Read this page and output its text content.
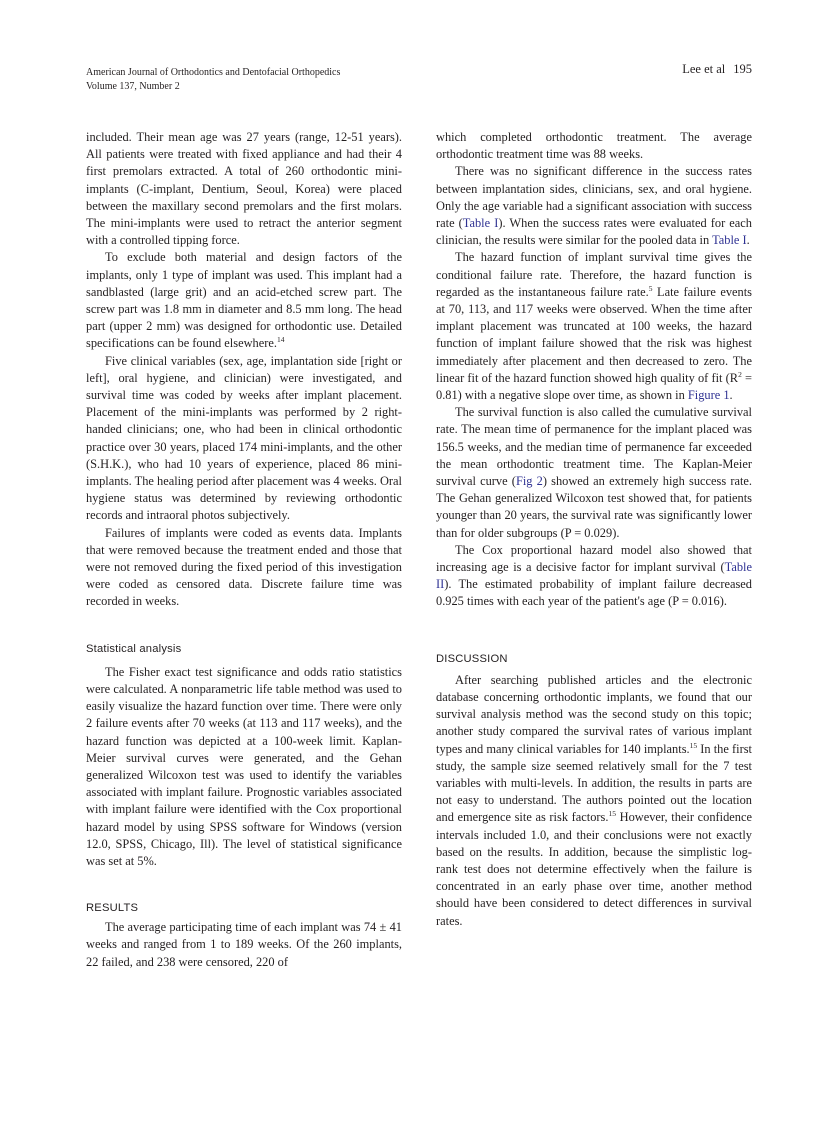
American Journal of Orthodontics and Dentofacial Orthopedics
Volume 137, Number 2
Lee et al 195

included. Their mean age was 27 years (range, 12-51 years). All patients were treated with fixed appliance and had their 4 first premolars extracted. A total of 260 orthodontic mini-implants (C-implant, Dentium, Seoul, Korea) were placed between the maxillary second premolars and the first molars. The mini-implants were used to retract the anterior segment with a controlled tipping force.

To exclude both material and design factors of the implants, only 1 type of implant was used. This implant had a sandblasted (large grit) and an acid-etched screw part. The screw part was 1.8 mm in diameter and 8.5 mm long. The head part (upper 2 mm) was designed for orthodontic use. Detailed specifications can be found elsewhere.$^{14}$

Five clinical variables (sex, age, implantation side [right or left], oral hygiene, and clinician) were investigated, and survival time was coded by weeks after implant placement. Placement of the mini-implants was performed by 2 right-handed clinicians; one, who had been in clinical orthodontic practice over 30 years, placed 174 mini-implants, and the other (S.H.K.), who had 10 years of experience, placed 86 mini-implants. The healing period after placement was 4 weeks. Oral hygiene status was determined by reviewing orthodontic records and intraoral photos subjectively.

Failures of implants were coded as events data. Implants that were removed because the treatment ended and those that were not removed during the fixed period of this investigation were coded as censored data. Discrete failure time was recorded in weeks.

Statistical analysis

The Fisher exact test significance and odds ratio statistics were calculated. A nonparametric life table method was used to easily visualize the hazard function over time. There were only 2 failure events after 70 weeks (at 113 and 117 weeks), and the hazard function was depicted at a 100-week limit. Kaplan-Meier survival curves were generated, and the Gehan generalized Wilcoxon test was used to identify the variables associated with implant failure. Prognostic variables associated with implant failure were identified with the Cox proportional hazard model by using SPSS software for Windows (version 12.0, SPSS, Chicago, Ill). The level of statistical significance was set at 5%.

RESULTS

The average participating time of each implant was 74 ± 41 weeks and ranged from 1 to 189 weeks. Of the 260 implants, 22 failed, and 238 were censored, 220 of

which completed orthodontic treatment. The average orthodontic treatment time was 88 weeks.

There was no significant difference in the success rates between implantation sides, clinicians, sex, and oral hygiene. Only the age variable had a significant association with success rate (Table I). When the success rates were evaluated for each clinician, the results were similar for the pooled data in Table I.

The hazard function of implant survival time gives the conditional failure rate. Therefore, the hazard function is regarded as the instantaneous failure rate.$^5$ Late failure events at 70, 113, and 117 weeks were observed. When the time after implant placement was truncated at 100 weeks, the hazard function of implant failure showed that the risk was highest immediately after placement and then decreased to zero. The linear fit of the hazard function showed high quality of fit $(R^2 = 0.81)$ with a negative slope over time, as shown in Figure 1.

The survival function is also called the cumulative survival rate. The mean time of permanence for the implant placed was 156.5 weeks, and the median time of permanence far exceeded the mean orthodontic treatment time. The Kaplan-Meier survival curve (Fig 2) showed an extremely high success rate. The Gehan generalized Wilcoxon test showed that, for patients younger than 20 years, the survival rate was significantly lower than for older subgroups (P = 0.029).

The Cox proportional hazard model also showed that increasing age is a decisive factor for implant survival (Table II). The estimated probability of implant failure decreased 0.925 times with each year of the patient's age (P = 0.016).

DISCUSSION

After searching published articles and the electronic database concerning orthodontic implants, we found that our survival analysis method was the second study on this topic; another study compared the survival rates of various implant types and many clinical variables for 140 implants.$^{15}$ In the first study, the sample size seemed relatively small for the 7 test variables with multi-levels. In addition, the results in parts are not easy to understand. The authors pointed out the location and emergence site as risk factors.$^{15}$ However, their confidence intervals included 1.0, and their conclusions were not exactly based on the results. In addition, because the simplistic log-rank test does not determine effectively when the failure is concentrated in an early phase over time, another method should have been considered to detect differences in survival rates.
